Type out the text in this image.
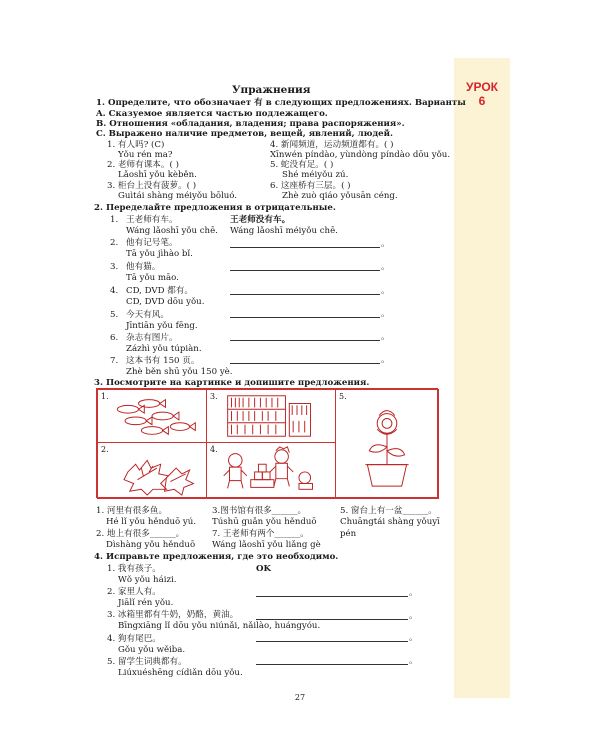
УРОК
6
Упражнения
1. Определите, что обозначает 有 в следующих предложениях. Варианты
A. Сказуемое является частью подлежащего.
B. Отношения «обладания, владения; права распоряжения».
C. Выражено наличие предметов, вещей, явлений, людей.
1. 有人吗? (C)
Yǒu rén ma?
2. 老师有课本。( )
Lǎoshī yǒu kèběn.
3. 柜台上没有菠萝。( )
Guìtái shàng méiyǒu bōluó.
4. 新闻频道，运动频道都有。( )
Xīnwén píndào, yùndòng píndào dōu yǒu.
5. 蛇没有足。( )
Shé méiyǒu zú.
6. 这座桥有三层。( )
Zhè zuò qiáo yǒusān céng.
2. Переделайте предложения в отрицательные.
1. 王老师有车。
Wáng lǎoshī yǒu chē.
王老师没有车。
Wáng lǎoshī méiyǒu chē.
2. 他有记号笔。
Tā yǒu jìhào bǐ.
。
3. 他有猫。
Tā yǒu māo.
。
4. CD, DVD 都有。
CD, DVD dōu yǒu.
。
5. 今天有风。
Jīntiān yǒu fēng.
。
6. 杂志有图片。
Zázhì yǒu túpiàn.
。
7. 这本书有 150 页。
Zhè běn shū yǒu 150 yè.
。
3. Посмотрите на картинке и допишите предложения.
1.	3.	5.
2.	4.
1. 河里有很多鱼。
Hé lǐ yǒu hěnduō yú.
2. 地上有很多______。
Dìshàng yǒu hěnduō
3.图书馆有很多______。
Túshū guǎn yǒu hěnduō
7. 王老师有两个______。
Wáng lǎoshī yǒu liǎng gè
5. 窗台上有一盆______。
Chuāngtái shàng yǒuyī
pén
4. Исправьте предложения, где это необходимо.
1. 我有孩子。
Wǒ yǒu háizi.
OK
2. 家里人有。
Jiālǐ rén yǒu.
。
3. 冰箱里都有牛奶，奶酪，黄油。
Bīngxiāng lǐ dōu yǒu niúnǎi, nǎilào, huángyóu.
。
4. 狗有尾巴。
Gǒu yǒu wěiba.
。
5. 留学生词典都有。
Liúxuéshēng cídiǎn dōu yǒu.
。
27
